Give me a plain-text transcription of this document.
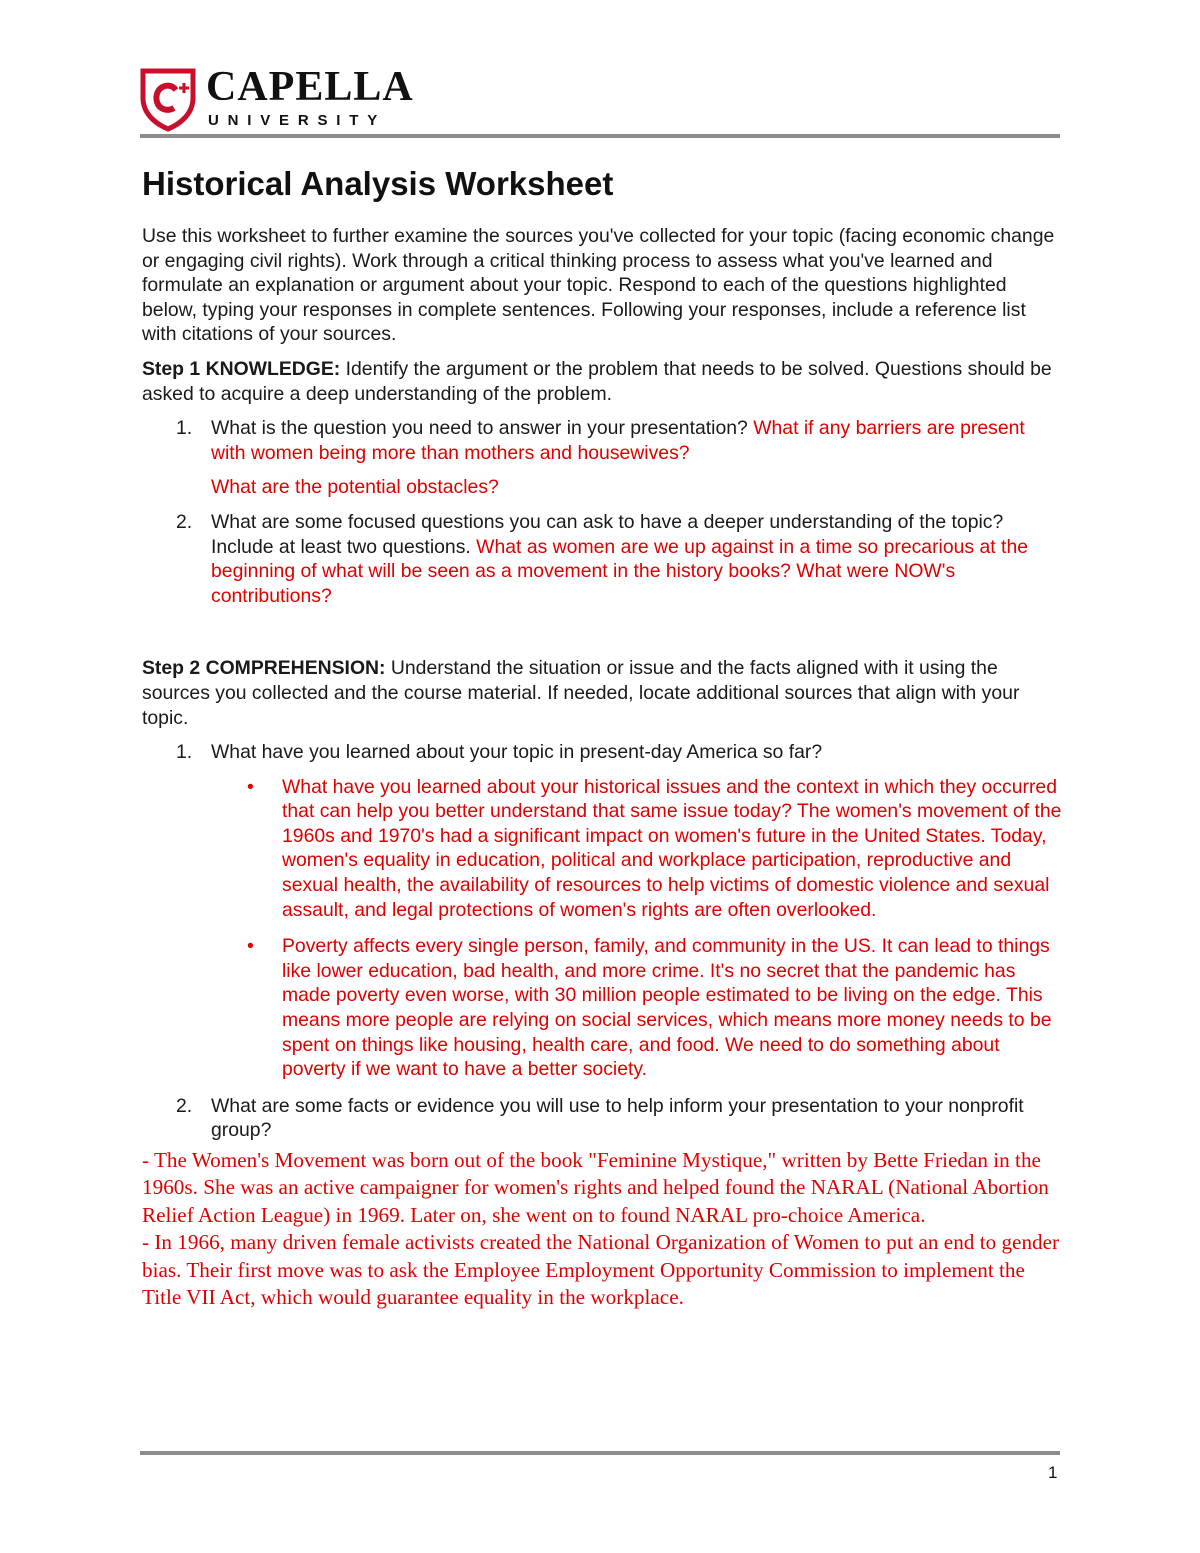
CAPELLA
UNIVERSITY
Historical Analysis Worksheet

Use this worksheet to further examine the sources you've collected for your topic (facing economic change or engaging civil rights). Work through a critical thinking process to assess what you've learned and formulate an explanation or argument about your topic. Respond to each of the questions highlighted below, typing your responses in complete sentences. Following your responses, include a reference list with citations of your sources.

Step 1 KNOWLEDGE: Identify the argument or the problem that needs to be solved. Questions should be asked to acquire a deep understanding of the problem.

1. What is the question you need to answer in your presentation? What if any barriers are present with women being more than mothers and housewives?

What are the potential obstacles?

2. What are some focused questions you can ask to have a deeper understanding of the topic? Include at least two questions. What as women are we up against in a time so precarious at the beginning of what will be seen as a movement in the history books? What were NOW's contributions?

Step 2 COMPREHENSION: Understand the situation or issue and the facts aligned with it using the sources you collected and the course material. If needed, locate additional sources that align with your topic.

1. What have you learned about your topic in present-day America so far?
• What have you learned about your historical issues and the context in which they occurred that can help you better understand that same issue today? The women's movement of the 1960s and 1970's had a significant impact on women's future in the United States. Today, women's equality in education, political and workplace participation, reproductive and sexual health, the availability of resources to help victims of domestic violence and sexual assault, and legal protections of women's rights are often overlooked.
• Poverty affects every single person, family, and community in the US. It can lead to things like lower education, bad health, and more crime. It's no secret that the pandemic has made poverty even worse, with 30 million people estimated to be living on the edge. This means more people are relying on social services, which means more money needs to be spent on things like housing, health care, and food. We need to do something about poverty if we want to have a better society.
2. What are some facts or evidence you will use to help inform your presentation to your nonprofit group?

- The Women's Movement was born out of the book "Feminine Mystique," written by Bette Friedan in the 1960s. She was an active campaigner for women's rights and helped found the NARAL (National Abortion Relief Action League) in 1969. Later on, she went on to found NARAL pro-choice America.

- In 1966, many driven female activists created the National Organization of Women to put an end to gender bias. Their first move was to ask the Employee Employment Opportunity Commission to implement the Title VII Act, which would guarantee equality in the workplace.

1
